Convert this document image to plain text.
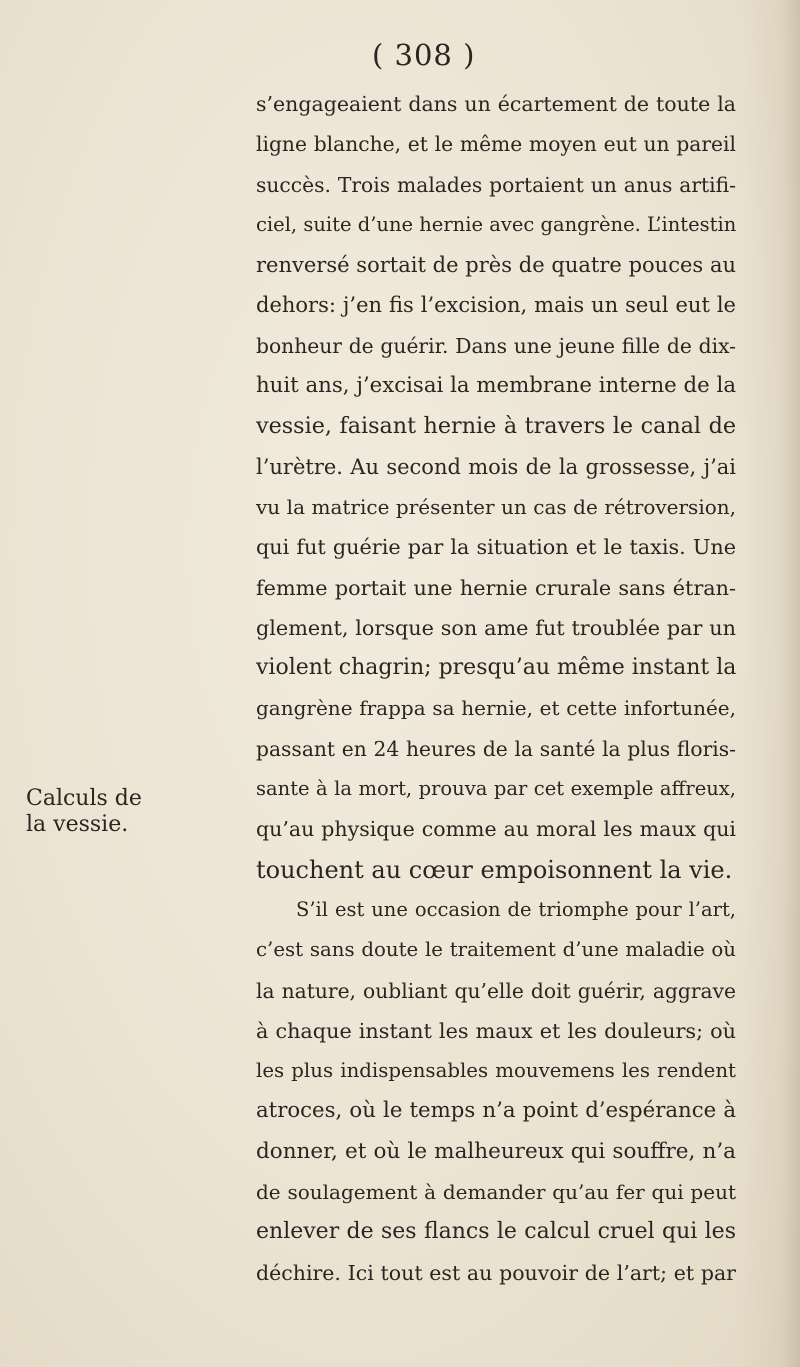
( 308 )
Calculs de
la vessie.
s’engageaient dans un écartement de toute la
ligne blanche, et le même moyen eut un pareil
succès. Trois malades portaient un anus artifi-
ciel, suite d’une hernie avec gangrène. L’intestin
renversé sortait de près de quatre pouces au
dehors: j’en fis l’excision, mais un seul eut le
bonheur de guérir. Dans une jeune fille de dix-
huit ans, j’excisai la membrane interne de la
vessie, faisant hernie à travers le canal de
l’urètre. Au second mois de la grossesse, j’ai
vu la matrice présenter un cas de rétroversion,
qui fut guérie par la situation et le taxis. Une
femme portait une hernie crurale sans étran-
glement, lorsque son ame fut troublée par un
violent chagrin; presqu’au même instant la
gangrène frappa sa hernie, et cette infortunée,
passant en 24 heures de la santé la plus floris-
sante à la mort, prouva par cet exemple affreux,
qu’au physique comme au moral les maux qui
touchent au cœur empoisonnent la vie.
S’il est une occasion de triomphe pour l’art,
c’est sans doute le traitement d’une maladie où
la nature, oubliant qu’elle doit guérir, aggrave
à chaque instant les maux et les douleurs; où
les plus indispensables mouvemens les rendent
atroces, où le temps n’a point d’espérance à
donner, et où le malheureux qui souffre, n’a
de soulagement à demander qu’au fer qui peut
enlever de ses flancs le calcul cruel qui les
déchire. Ici tout est au pouvoir de l’art; et par
